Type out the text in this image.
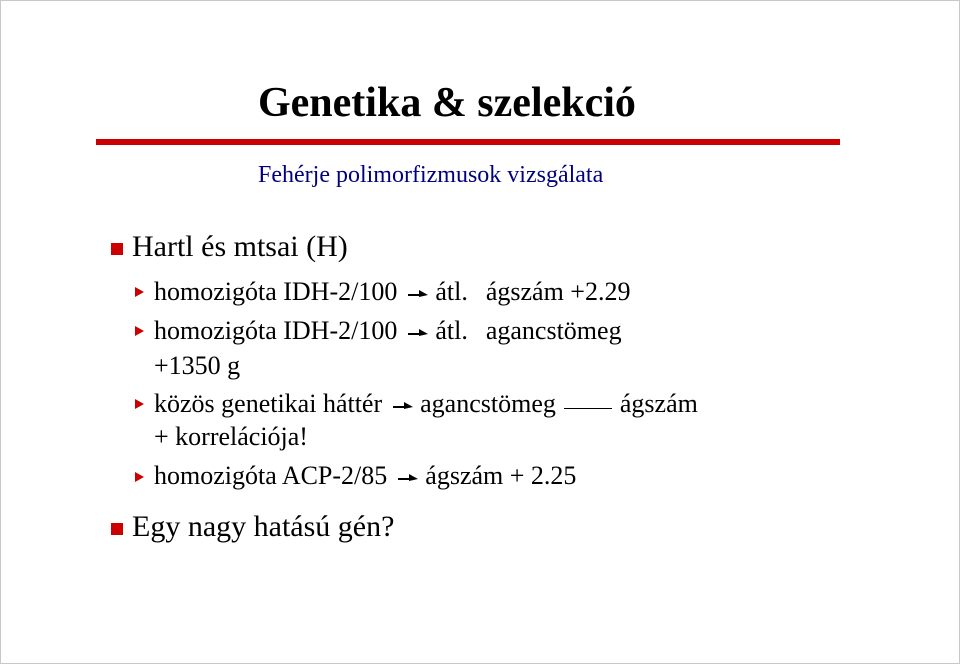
Genetika & szelekció
Fehérje polimorfizmusok vizsgálata
Hartl és mtsai (H)
homozigóta IDH-2/100 átl. ágszám +2.29
homozigóta IDH-2/100 átl. agancstömeg
+1350 g
közös genetikai háttér agancstömeg ágszám
+ korrelációja!
homozigóta ACP-2/85 ágszám + 2.25
Egy nagy hatású gén?
